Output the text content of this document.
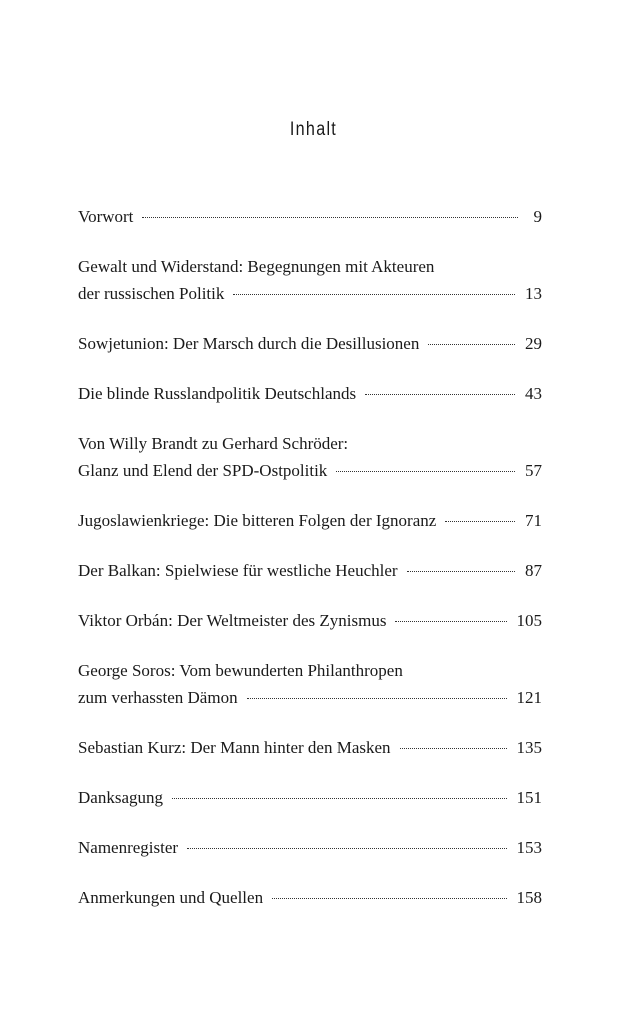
Inhalt
Vorwort	9
Gewalt und Widerstand: Begegnungen mit Akteuren
der russischen Politik	13
Sowjetunion: Der Marsch durch die Desillusionen	29
Die blinde Russlandpolitik Deutschlands	43
Von Willy Brandt zu Gerhard Schröder:
Glanz und Elend der SPD-Ostpolitik	57
Jugoslawienkriege: Die bitteren Folgen der Ignoranz	71
Der Balkan: Spielwiese für westliche Heuchler	87
Viktor Orbán: Der Weltmeister des Zynismus	105
George Soros: Vom bewunderten Philanthropen
zum verhassten Dämon	121
Sebastian Kurz: Der Mann hinter den Masken	135
Danksagung	151
Namenregister	153
Anmerkungen und Quellen	158
